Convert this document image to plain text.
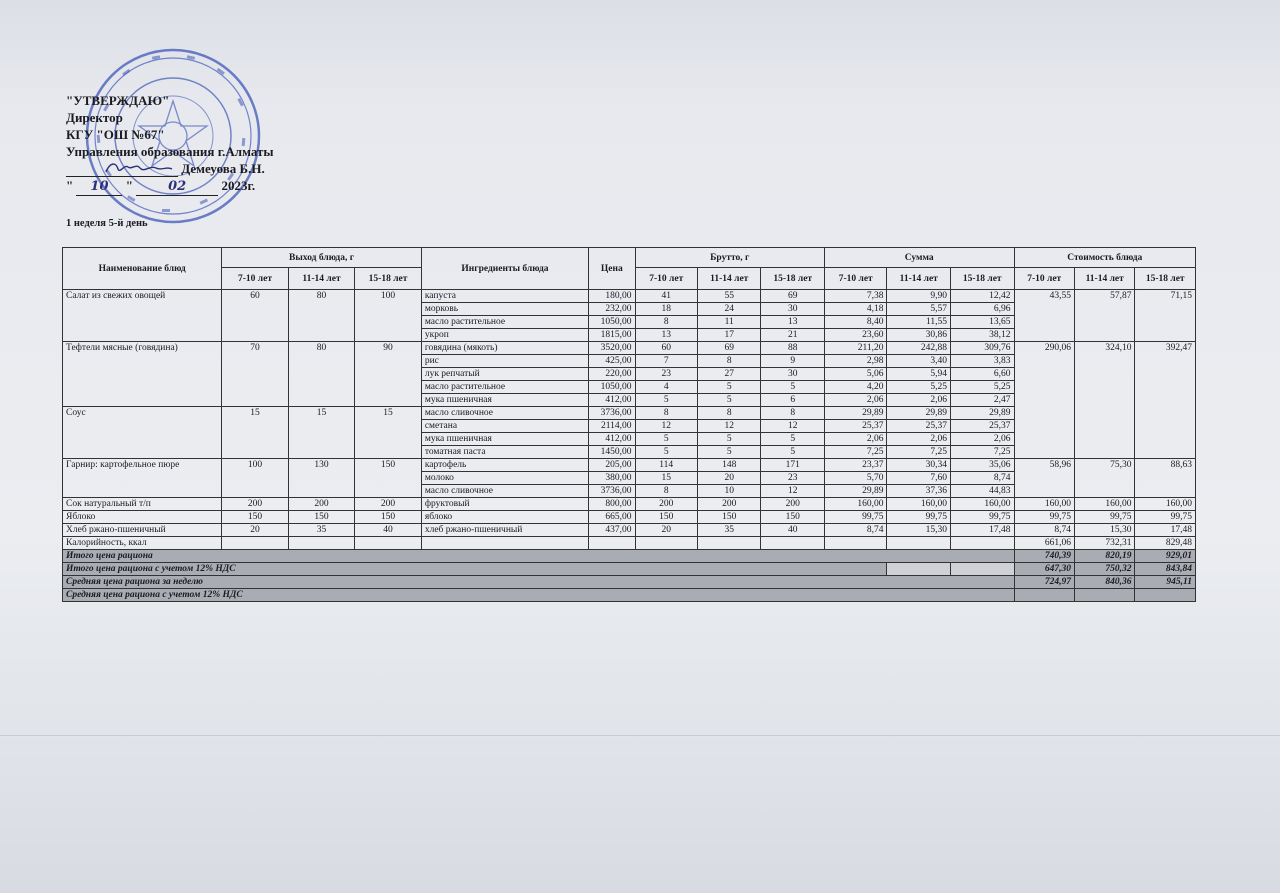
"УТВЕРЖДАЮ"
Директор
КГУ "ОШ №67"
Управления образования г.Алматы
Демеуова Б.Н.
" 10 "	02	2023г.
1 неделя 5-й день
Наименование блюд	Выход блюда, г			Ингредиенты блюда	Цена	Брутто, г			Сумма			Стоимость блюда		
	7-10 лет	11-14 лет	15-18 лет			7-10 лет	11-14 лет	15-18 лет	7-10 лет	11-14 лет	15-18 лет	7-10 лет	11-14 лет	15-18 лет
Салат из свежих овощей	60	80	100	капуста	180,00	41	55	69	7,38	9,90	12,42	43,55	57,87	71,15
				морковь	232,00	18	24	30	4,18	5,57	6,96			
				масло растительное	1050,00	8	11	13	8,40	11,55	13,65			
				укроп	1815,00	13	17	21	23,60	30,86	38,12			
Тефтели мясные (говядина)	70	80	90	говядина (мякоть)	3520,00	60	69	88	211,20	242,88	309,76	290,06	324,10	392,47
				рис	425,00	7	8	9	2,98	3,40	3,83			
				лук репчатый	220,00	23	27	30	5,06	5,94	6,60			
				масло растительное	1050,00	4	5	5	4,20	5,25	5,25			
				мука пшеничная	412,00	5	5	6	2,06	2,06	2,47			
Соус	15	15	15	масло сливочное	3736,00	8	8	8	29,89	29,89	29,89			
				сметана	2114,00	12	12	12	25,37	25,37	25,37			
				мука пшеничная	412,00	5	5	5	2,06	2,06	2,06			
				томатная паста	1450,00	5	5	5	7,25	7,25	7,25			
Гарнир: картофельное пюре	100	130	150	картофель	205,00	114	148	171	23,37	30,34	35,06	58,96	75,30	88,63
				молоко	380,00	15	20	23	5,70	7,60	8,74			
				масло сливочное	3736,00	8	10	12	29,89	37,36	44,83			
Сок натуральный т/п	200	200	200	фруктовый	800,00	200	200	200	160,00	160,00	160,00	160,00	160,00	160,00
Яблоко	150	150	150	яблоко	665,00	150	150	150	99,75	99,75	99,75	99,75	99,75	99,75
Хлеб ржано-пшеничный	20	35	40	хлеб ржано-пшеничный	437,00	20	35	40	8,74	15,30	17,48	8,74	15,30	17,48
Калорийность, ккал												661,06	732,31	829,48
Итого цена рациона												740,39	820,19	929,01
Итого цена рациона с учетом 12% НДС												647,30	750,32	843,84
Средняя цена рациона за неделю												724,97	840,36	945,11
Средняя цена рациона с учетом 12% НДС														
